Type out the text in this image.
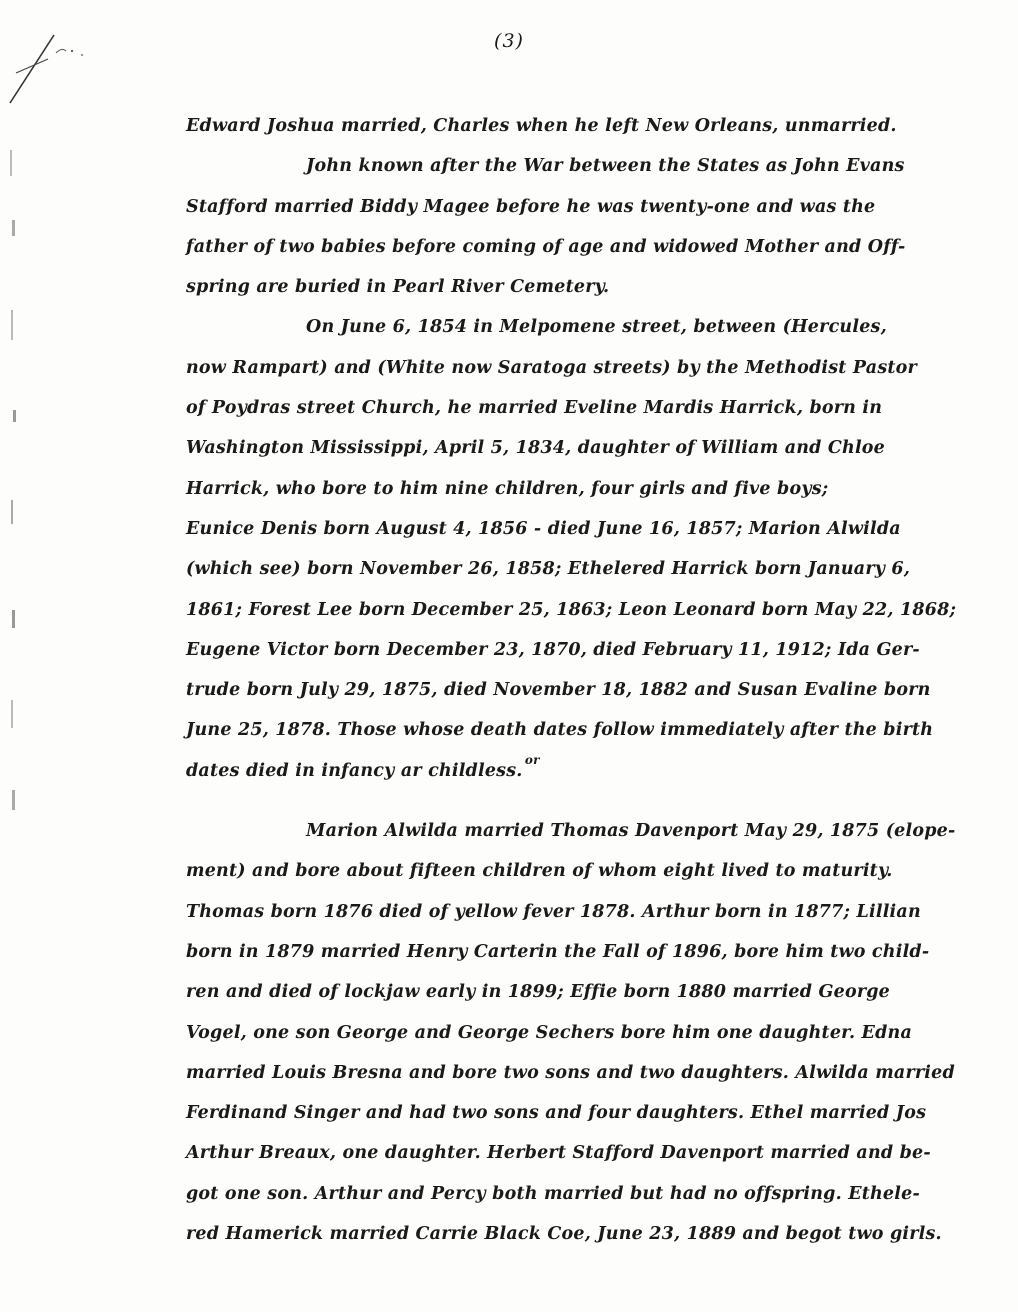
(3)
Edward Joshua married, Charles when he left New Orleans, unmarried.
John known after the War between the States as John Evans
Stafford married Biddy Magee before he was twenty-one and was the
father of two babies before coming of age and widowed Mother and Off-
spring are buried in Pearl River Cemetery.
On June 6, 1854 in Melpomene street, between (Hercules,
now Rampart) and (White now Saratoga streets) by the Methodist Pastor
of Poydras street Church, he married Eveline Mardis Harrick, born in
Washington Mississippi, April 5, 1834, daughter of William and Chloe
Harrick, who bore to him nine children, four girls and five boys;
Eunice Denis born August 4, 1856 - died June 16, 1857; Marion Alwilda
(which see) born November 26, 1858; Ethelered Harrick born January 6,
1861; Forest Lee born December 25, 1863; Leon Leonard born May 22, 1868;
Eugene Victor born December 23, 1870, died February 11, 1912; Ida Ger-
trude born July 29, 1875, died November 18, 1882 and Susan Evaline born
June 25, 1878. Those whose death dates follow immediately after the birth
dates died in infancy ar childless. $^{or}$
Marion Alwilda married Thomas Davenport May 29, 1875 (elope-
ment) and bore about fifteen children of whom eight lived to maturity.
Thomas born 1876 died of yellow fever 1878. Arthur born in 1877; Lillian
born in 1879 married Henry Carterin the Fall of 1896, bore him two child-
ren and died of lockjaw early in 1899; Effie born 1880 married George
Vogel, one son George and George Sechers bore him one daughter. Edna
married Louis Bresna and bore two sons and two daughters. Alwilda married
Ferdinand Singer and had two sons and four daughters. Ethel married Jos
Arthur Breaux, one daughter. Herbert Stafford Davenport married and be-
got one son. Arthur and Percy both married but had no offspring. Ethele-
red Hamerick married Carrie Black Coe, June 23, 1889 and begot two girls.
